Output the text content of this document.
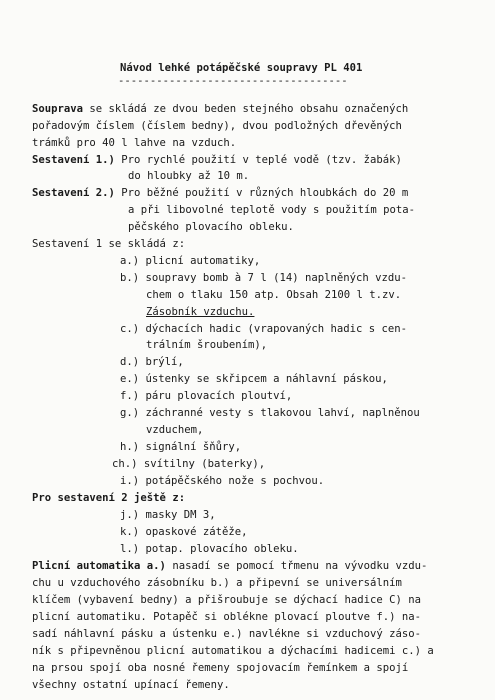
Návod lehké potápěčské soupravy PL 401
------------------------------------
Souprava se skládá ze dvou beden stejného obsahu označených
pořadovým číslem (číslem bedny), dvou podložných dřevěných
trámků pro 40 l lahve na vzduch.
Sestavení 1.) Pro rychlé použití v teplé vodě (tzv. žabák)
do hloubky až 10 m.
Sestavení 2.) Pro běžné použití v různých hloubkách do 20 m
a při libovolné teplotě vody s použitím pota-
pěčského plovacího obleku.
Sestavení 1 se skládá z:
a.) plicní automatiky,
b.) soupravy bomb à 7 l (14) naplněných vzdu-
chem o tlaku 150 atp. Obsah 2100 l t.zv.
Zásobník vzduchu.
c.) dýchacích hadic (vrapovaných hadic s cen-
trálním šroubením),
d.) brýlí,
e.) ústenky se skřipcem a náhlavní páskou,
f.) páru plovacích ploutví,
g.) záchranné vesty s tlakovou lahví, naplněnou
vzduchem,
h.) signální šňůry,
ch.) svítilny (baterky),
i.) potápěčského nože s pochvou.
Pro sestavení 2 ještě z:
j.) masky DM 3,
k.) opaskové zátěže,
l.) potap. plovacího obleku.
Plicní automatika a.) nasadí se pomocí třmenu na vývodku vzdu-
chu u vzduchového zásobníku b.) a připevní se universálním
klíčem (vybavení bedny) a přišroubuje se dýchací hadice C) na
plicní automatiku. Potapěč si oblékne plovací ploutve f.) na-
sadí náhlavní pásku a ústenku e.) navlékne si vzduchový záso-
ník s připevněnou plicní automatikou a dýchacími hadicemi c.) a
na prsou spojí oba nosné řemeny spojovacím řemínkem a spojí
všechny ostatní upínací řemeny.
